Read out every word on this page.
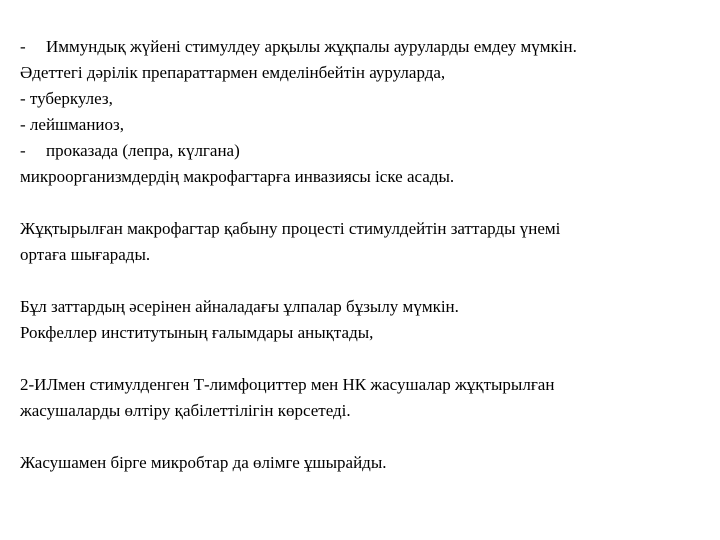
- Иммундық жүйені стимулдеу арқылы жұқпалы ауруларды емдеу мүмкін.
Әдеттегі дәрілік препараттармен емделінбейтін ауруларда,
- туберкулез,
- лейшманиоз,
- проказада (лепра, күлгана)
микроорганизмдердің макрофагтарға инвазиясы іске асады.
Жұқтырылған макрофагтар қабыну процесті стимулдейтін заттарды үнемі
ортаға шығарады.
Бұл заттардың әсерінен айналадағы ұлпалар бұзылу мүмкін.
Рокфеллер институтының ғалымдары анықтады,
2-ИЛмен стимулденген Т-лимфоциттер мен НК жасушалар жұқтырылған
жасушаларды өлтіру қабілеттілігін көрсетеді.
Жасушамен бірге микробтар да өлімге ұшырайды.
